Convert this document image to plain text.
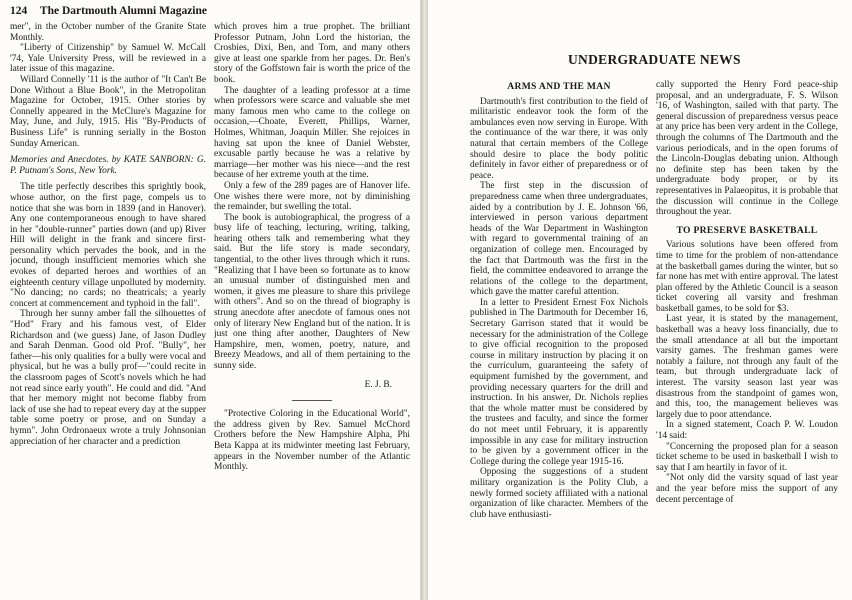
124 The Dartmouth Alumni Magazine

mer", in the October number of the Granite State Monthly.

"Liberty of Citizenship" by Samuel W. McCall '74, Yale University Press, will be reviewed in a later issue of this magazine.

Willard Connelly '11 is the author of "It Can't Be Done Without a Blue Book", in the Metropolitan Magazine for October, 1915. Other stories by Connelly appeared in the McClure's Magazine for May, June, and July, 1915. His "By-Products of Business Life" is running serially in the Boston Sunday American.

Memories and Anecdotes. by KATE SANBORN: G. P. Putnam's Sons, New York.

The title perfectly describes this sprightly book, whose author, on the first page, compels us to notice that she was born in 1839 (and in Hanover). Any one contemporaneous enough to have shared in her "double-runner" parties down (and up) River Hill will delight in the frank and sincere first-personality which pervades the book, and in the jocund, though insufficient memories which she evokes of departed heroes and worthies of an eighteenth century village unpolluted by modernity. "No dancing; no cards; no theatricals; a yearly concert at commencement and typhoid in the fall".

Through her sunny amber fall the silhouettes of "Hod" Frary and his famous vest, of Elder Richardson and (we guess) Jane, of Jason Dudley and Sarah Denman. Good old Prof. "Bully", her father—his only qualities for a bully were vocal and physical, but he was a bully prof—"could recite in the classroom pages of Scott's novels which he had not read since early youth". He could and did. "And that her memory might not become flabby from lack of use she had to repeat every day at the supper table some poetry or prose, and on Sunday a hymn". John Ordronaeux wrote a truly Johnsonian appreciation of her character and a prediction

which proves him a true prophet. The brilliant Professor Putnam, John Lord the historian, the Crosbies, Dixi, Ben, and Tom, and many others give at least one sparkle from her pages. Dr. Ben's story of the Goffstown fair is worth the price of the book.

The daughter of a leading professor at a time when professors were scarce and valuable she met many famous men who came to the college on occasion,—Choate, Everett, Phillips, Warner, Holmes, Whitman, Joaquin Miller. She rejoices in having sat upon the knee of Daniel Webster, excusable partly because he was a relative by marriage—her mother was his niece—and the rest because of her extreme youth at the time.

Only a few of the 289 pages are of Hanover life. One wishes there were more, not by diminishing the remainder, but swelling the total.

The book is autobiographical, the progress of a busy life of teaching, lecturing, writing, talking, hearing others talk and remembering what they said. But the life story is made secondary, tangential, to the other lives through which it runs. "Realizing that I have been so fortunate as to know an unusual number of distinguished men and women, it gives me pleasure to share this privilege with others". And so on the thread of biography is strung anecdote after anecdote of famous ones not only of literary New England but of the nation. It is just one thing after another, Daughters of New Hampshire, men, women, poetry, nature, and Breezy Meadows, and all of them pertaining to the sunny side.

E. J. B.

"Protective Coloring in the Educational World", the address given by Rev. Samuel McChord Crothers before the New Hampshire Alpha, Phi Beta Kappa at its midwinter meeting last February, appears in the November number of the Atlantic Monthly.

UNDERGRADUATE NEWS
ARMS AND THE MAN

Dartmouth's first contribution to the field of militaristic endeavor took the form of the ambulances even now serving in Europe. With the continuance of the war there, it was only natural that certain members of the College should desire to place the body politic definitely in favor either of preparedness or of peace.

The first step in the discussion of preparedness came when three undergraduates, aided by a contribution by J. E. Johnson '66, interviewed in person various department heads of the War Department in Washington with regard to governmental training of an organization of college men. Encouraged by the fact that Dartmouth was the first in the field, the committee endeavored to arrange the relations of the college to the department, which gave the matter careful attention.

In a letter to President Ernest Fox Nichols published in The Dartmouth for December 16, Secretary Garrison stated that it would be necessary for the administration of the College to give official recognition to the proposed course in military instruction by placing it on the curriculum, guaranteeing the safety of equipment furnished by the government, and providing necessary quarters for the drill and instruction. In his answer, Dr. Nichols replies that the whole matter must be considered by the trustees and faculty, and since the former do not meet until February, it is apparently impossible in any case for military instruction to be given by a government officer in the College during the college year 1915-16.

Opposing the suggestions of a student military organization is the Polity Club, a newly formed society affiliated with a national organization of like character. Members of the club have enthusiasti-

cally supported the Henry Ford peace-ship proposal, and an undergraduate, F. S. Wilson '16, of Washington, sailed with that party. The general discussion of preparedness versus peace at any price has been very ardent in the College, through the columns of The Dartmouth and the various periodicals, and in the open forums of the Lincoln-Douglas debating union. Although no definite step has been taken by the undergraduate body proper, or by its representatives in Palaeopitus, it is probable that the discussion will continue in the College throughout the year.

TO PRESERVE BASKETBALL

Various solutions have been offered from time to time for the problem of non-attendance at the basketball games during the winter, but so far none has met with entire approval. The latest plan offered by the Athletic Council is a season ticket covering all varsity and freshman basketball games, to be sold for $3.

Last year, it is stated by the management, basketball was a heavy loss financially, due to the small attendance at all but the important varsity games. The freshman games were notably a failure, not through any fault of the team, but through undergraduate lack of interest. The varsity season last year was disastrous from the standpoint of games won, and this, too, the management believes was largely due to poor attendance.

In a signed statement, Coach P. W. Loudon '14 said:

"Concerning the proposed plan for a season ticket scheme to be used in basketball I wish to say that I am heartily in favor of it.

"Not only did the varsity squad of last year and the year before miss the support of any decent percentage of
